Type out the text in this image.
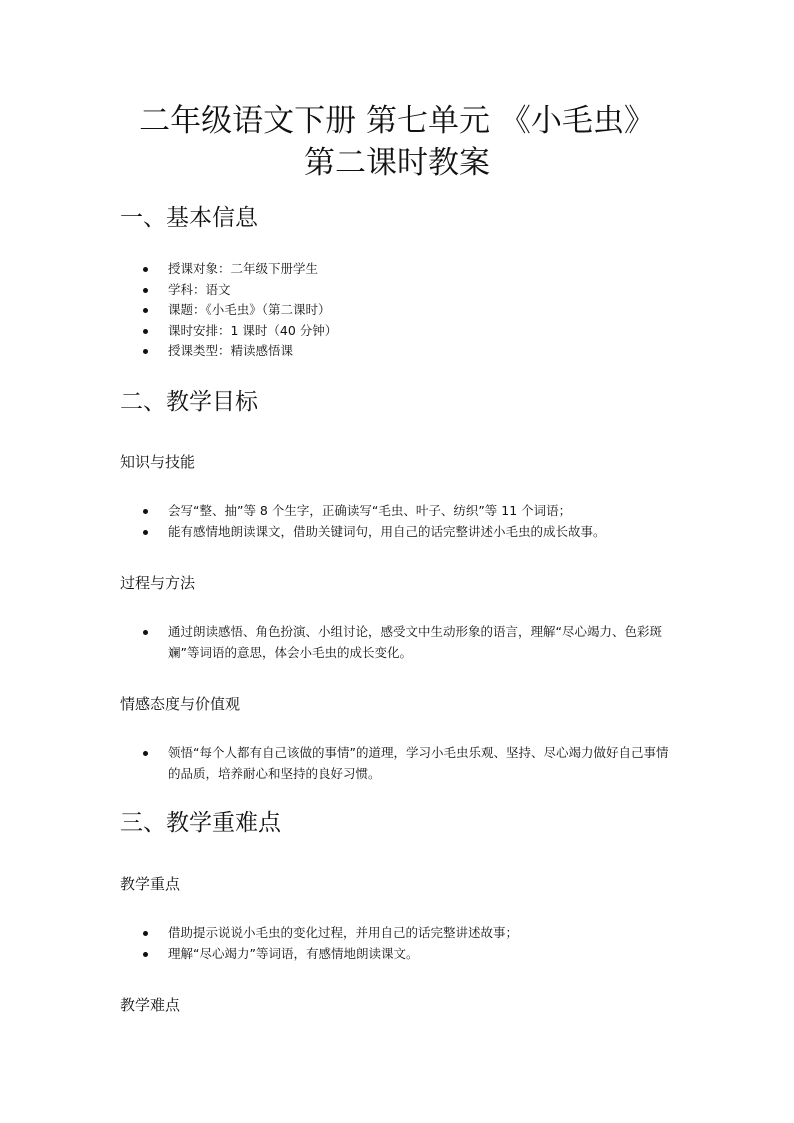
二年级语文下册 第七单元 《小毛虫》
第二课时教案
一、基本信息
授课对象：二年级下册学生
学科：语文
课题：《小毛虫》（第二课时）
课时安排：1 课时（40 分钟）
授课类型：精读感悟课
二、教学目标
知识与技能
会写“整、抽”等 8 个生字，正确读写“毛虫、叶子、纺织”等 11 个词语；
能有感情地朗读课文，借助关键词句，用自己的话完整讲述小毛虫的成长故事。
过程与方法
通过朗读感悟、角色扮演、小组讨论，感受文中生动形象的语言，理解“尽心竭力、色彩斑斓”等词语的意思，体会小毛虫的成长变化。
情感态度与价值观
领悟“每个人都有自己该做的事情”的道理，学习小毛虫乐观、坚持、尽心竭力做好自己事情的品质，培养耐心和坚持的良好习惯。
三、教学重难点
教学重点
借助提示说说小毛虫的变化过程，并用自己的话完整讲述故事；
理解“尽心竭力”等词语，有感情地朗读课文。
教学难点
